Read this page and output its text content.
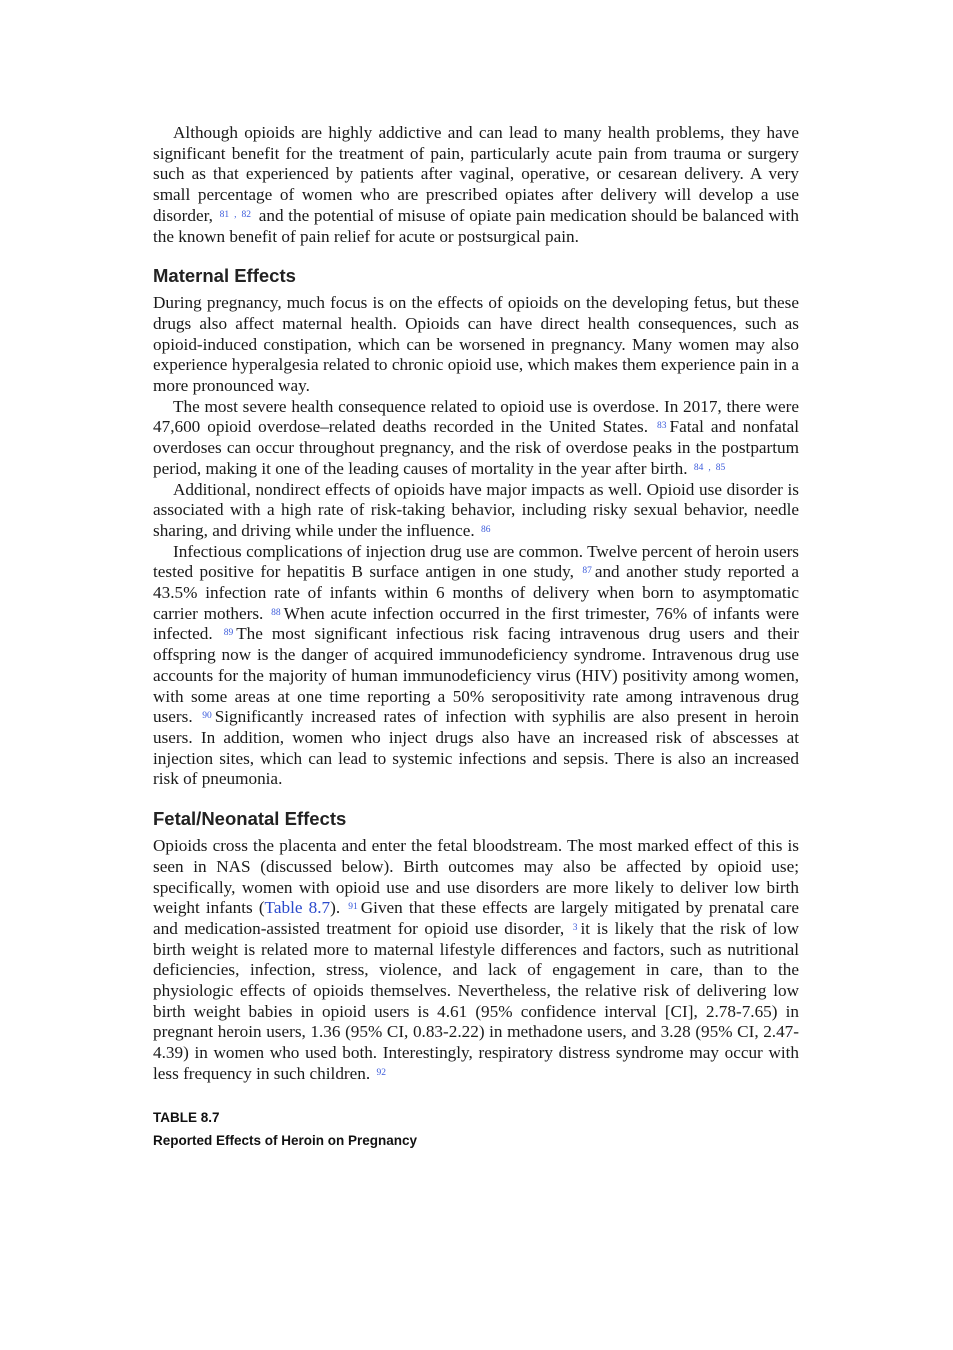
Although opioids are highly addictive and can lead to many health problems, they have significant benefit for the treatment of pain, particularly acute pain from trauma or surgery such as that experienced by patients after vaginal, operative, or cesarean delivery. A very small percentage of women who are prescribed opiates after delivery will develop a use disorder, $^{81}$ , $^{82}$ and the potential of misuse of opiate pain medication should be balanced with the known benefit of pain relief for acute or postsurgical pain.

Maternal Effects

During pregnancy, much focus is on the effects of opioids on the developing fetus, but these drugs also affect maternal health. Opioids can have direct health consequences, such as opioid-induced constipation, which can be worsened in pregnancy. Many women may also experience hyperalgesia related to chronic opioid use, which makes them experience pain in a more pronounced way.

The most severe health consequence related to opioid use is overdose. In 2017, there were 47,600 opioid overdose–related deaths recorded in the United States. $^{83}$ Fatal and nonfatal overdoses can occur throughout pregnancy, and the risk of overdose peaks in the postpartum period, making it one of the leading causes of mortality in the year after birth. $^{84}$ , $^{85}$

Additional, nondirect effects of opioids have major impacts as well. Opioid use disorder is associated with a high rate of risk-taking behavior, including risky sexual behavior, needle sharing, and driving while under the influence. $^{86}$

Infectious complications of injection drug use are common. Twelve percent of heroin users tested positive for hepatitis B surface antigen in one study, $^{87}$ and another study reported a 43.5% infection rate of infants within 6 months of delivery when born to asymptomatic carrier mothers. $^{88}$ When acute infection occurred in the first trimester, 76% of infants were infected. $^{89}$ The most significant infectious risk facing intravenous drug users and their offspring now is the danger of acquired immunodeficiency syndrome. Intravenous drug use accounts for the majority of human immunodeficiency virus (HIV) positivity among women, with some areas at one time reporting a 50% seropositivity rate among intravenous drug users. $^{90}$ Significantly increased rates of infection with syphilis are also present in heroin users. In addition, women who inject drugs also have an increased risk of abscesses at injection sites, which can lead to systemic infections and sepsis. There is also an increased risk of pneumonia.

Fetal/Neonatal Effects

Opioids cross the placenta and enter the fetal bloodstream. The most marked effect of this is seen in NAS (discussed below). Birth outcomes may also be affected by opioid use; specifically, women with opioid use and use disorders are more likely to deliver low birth weight infants (Table 8.7). $^{91}$ Given that these effects are largely mitigated by prenatal care and medication-assisted treatment for opioid use disorder, $^3$ it is likely that the risk of low birth weight is related more to maternal lifestyle differences and factors, such as nutritional deficiencies, infection, stress, violence, and lack of engagement in care, than to the physiologic effects of opioids themselves. Nevertheless, the relative risk of delivering low birth weight babies in opioid users is 4.61 (95% confidence interval [CI], 2.78-7.65) in pregnant heroin users, 1.36 (95% CI, 0.83-2.22) in methadone users, and 3.28 (95% CI, 2.47-4.39) in women who used both. Interestingly, respiratory distress syndrome may occur with less frequency in such children. $^{92}$

TABLE 8.7
Reported Effects of Heroin on Pregnancy
